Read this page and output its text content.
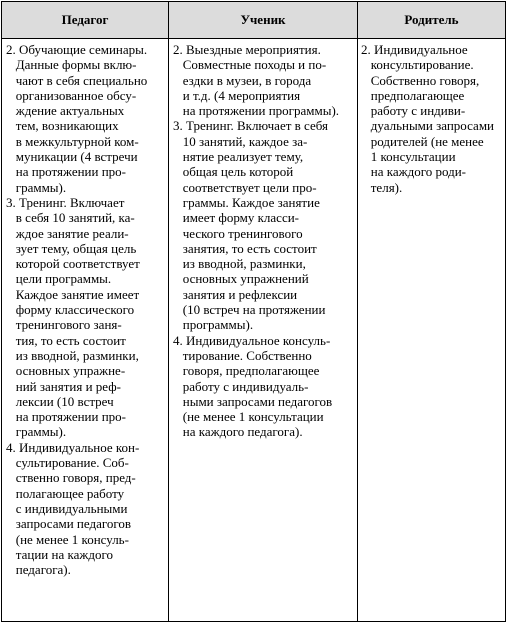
Педагог	Ученик	Родитель
2. Обучающие семинары.
Данные формы вклю-
чают в себя специально
организованное обсу-
ждение актуальных
тем, возникающих
в межкультурной ком-
муникации (4 встречи
на протяжении про-
граммы).
3. Тренинг. Включает
в себя 10 занятий, ка-
ждое занятие реали-
зует тему, общая цель
которой соответствует
цели программы.
Каждое занятие имеет
форму классического
тренингового заня-
тия, то есть состоит
из вводной, разминки,
основных упражне-
ний занятия и реф-
лексии (10 встреч
на протяжении про-
граммы).
4. Индивидуальное кон-
сультирование. Соб-
ственно говоря, пред-
полагающее работу
с индивидуальными
запросами педагогов
(не менее 1 консуль-
тации на каждого
педагога).
2. Выездные мероприятия.
Совместные походы и по-
ездки в музеи, в города
и т.д. (4 мероприятия
на протяжении программы).
3. Тренинг. Включает в себя
10 занятий, каждое за-
нятие реализует тему,
общая цель которой
соответствует цели про-
граммы. Каждое занятие
имеет форму класси-
ческого тренингового
занятия, то есть состоит
из вводной, разминки,
основных упражнений
занятия и рефлексии
(10 встреч на протяжении
программы).
4. Индивидуальное консуль-
тирование. Собственно
говоря, предполагающее
работу с индивидуаль-
ными запросами педагогов
(не менее 1 консультации
на каждого педагога).
2. Индивидуальное
консультирование.
Собственно говоря,
предполагающее
работу с индиви-
дуальными запросами
родителей (не менее
1 консультации
на каждого роди-
теля).
